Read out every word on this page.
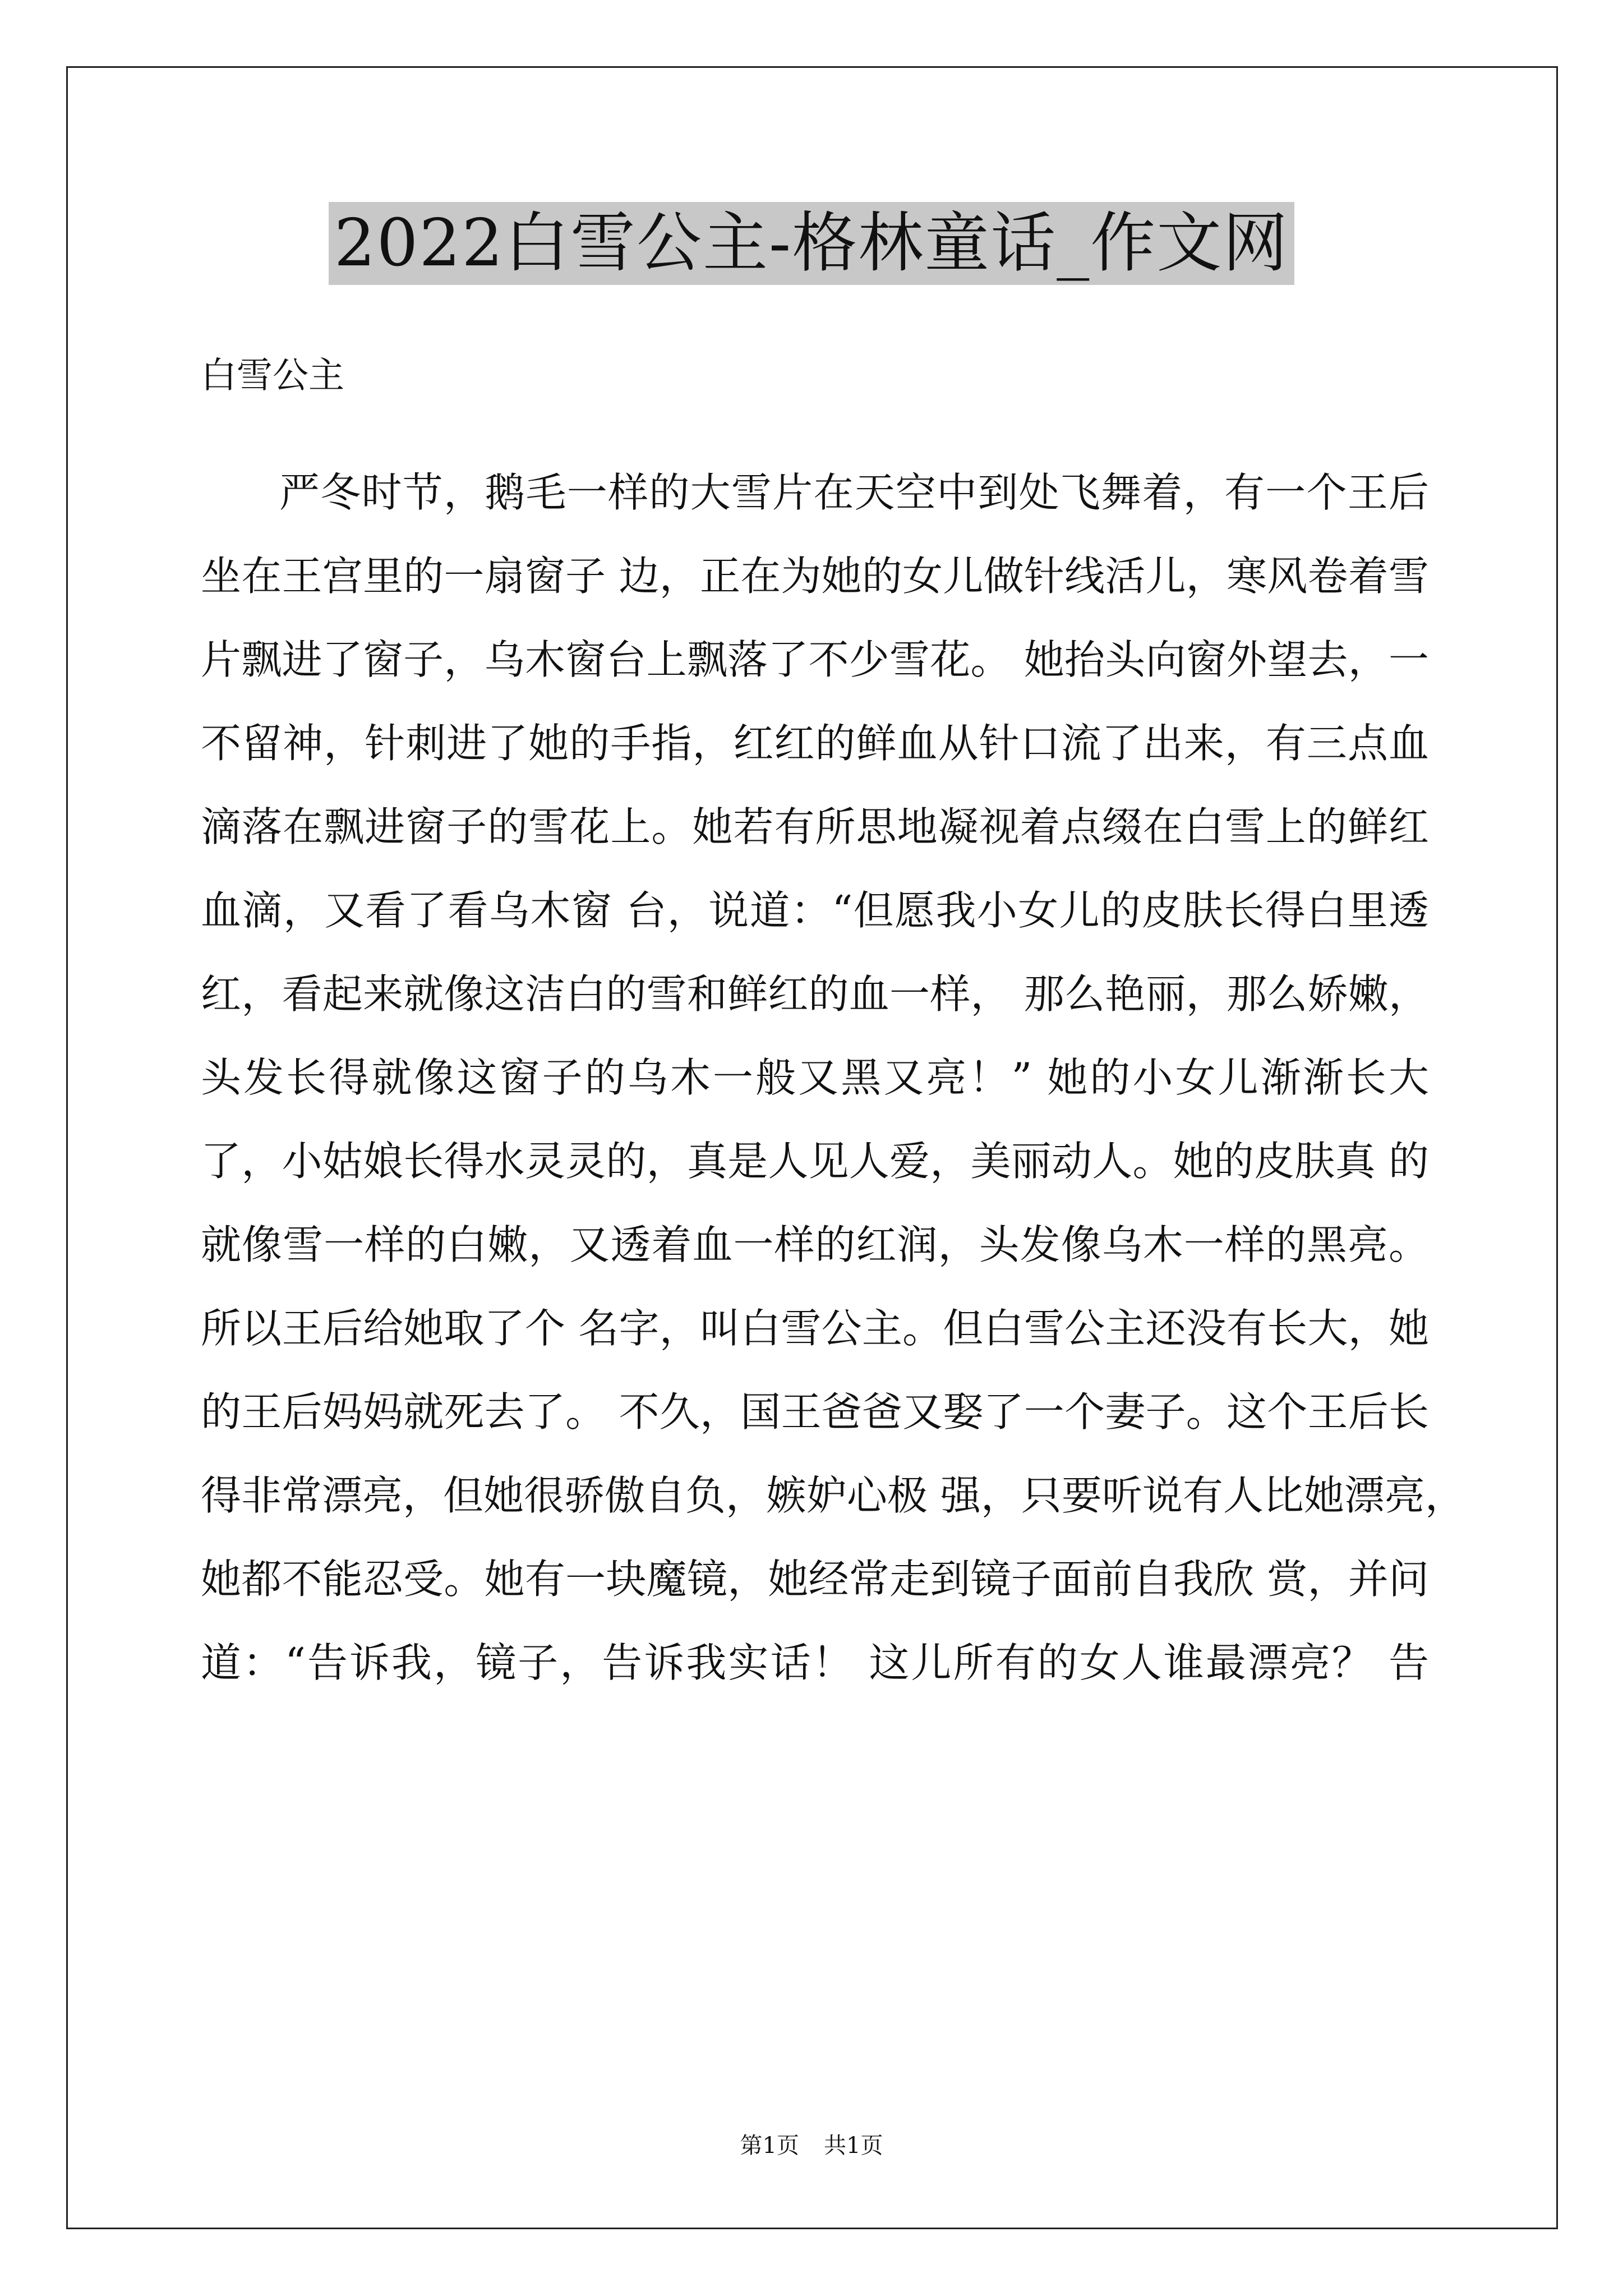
2022白雪公主-格林童话_作文网
白雪公主
严冬时节，鹅毛一样的大雪片在天空中到处飞舞着，有一个王后
坐在王宫里的一扇窗子 边，正在为她的女儿做针线活儿，寒风卷着雪
片飘进了窗子，乌木窗台上飘落了不少雪花。 她抬头向窗外望去，一
不留神，针刺进了她的手指，红红的鲜血从针口流了出来，有三点血
滴落在飘进窗子的雪花上。她若有所思地凝视着点缀在白雪上的鲜红
血滴，又看了看乌木窗 台，说道：“但愿我小女儿的皮肤长得白里透
红，看起来就像这洁白的雪和鲜红的血一样， 那么艳丽，那么娇嫩，
头发长得就像这窗子的乌木一般又黑又亮！” 她的小女儿渐渐长大
了，小姑娘长得水灵灵的，真是人见人爱，美丽动人。她的皮肤真 的
就像雪一样的白嫩，又透着血一样的红润，头发像乌木一样的黑亮。
所以王后给她取了个 名字，叫白雪公主。但白雪公主还没有长大，她
的王后妈妈就死去了。 不久，国王爸爸又娶了一个妻子。这个王后长
得非常漂亮，但她很骄傲自负，嫉妒心极 强，只要听说有人比她漂亮，
她都不能忍受。她有一块魔镜，她经常走到镜子面前自我欣 赏，并问
道：“告诉我，镜子，告诉我实话！ 这儿所有的女人谁最漂亮？ 告
第1页 共1页
